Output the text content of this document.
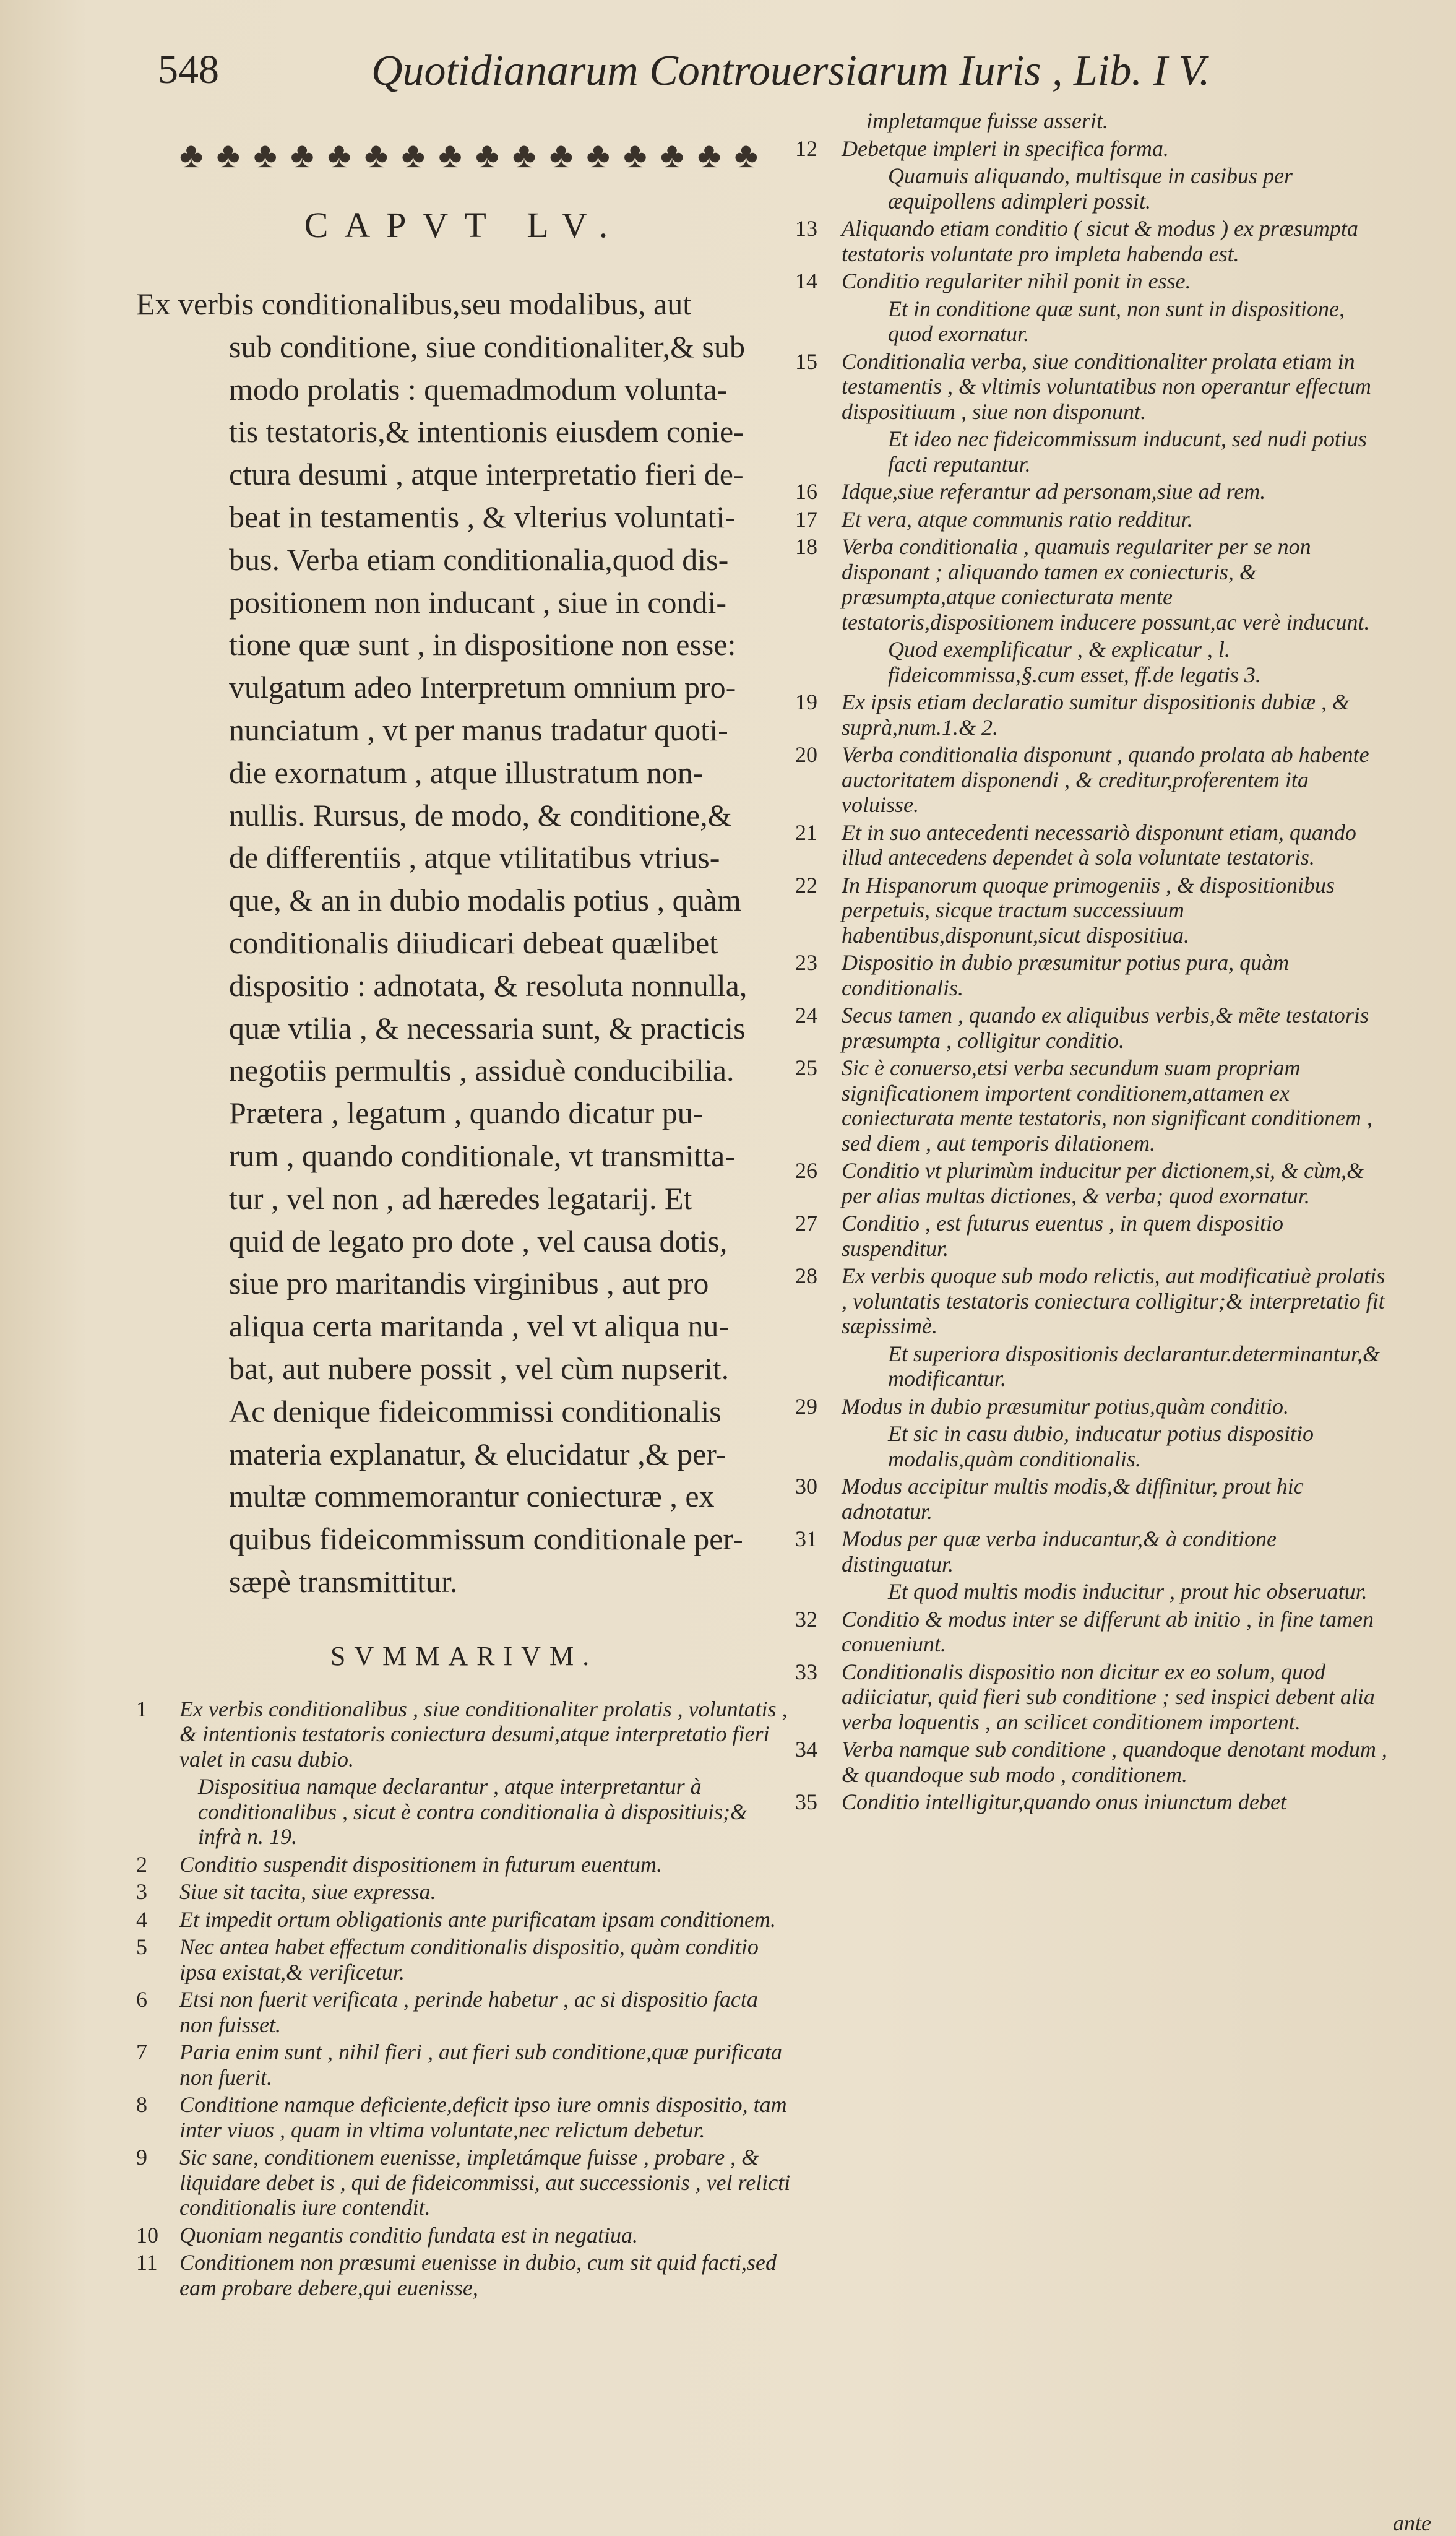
548	Quotidianarum Controuersiarum Iuris , Lib. I V.
♣ ♣ ♣ ♣ ♣ ♣ ♣ ♣ ♣ ♣ ♣ ♣ ♣ ♣ ♣ ♣
CAPVT LV.

Ex verbis conditionalibus,seu modalibus, aut

sub conditione, siue conditionaliter,& sub

modo prolatis : quemadmodum volunta-

tis testatoris,& intentionis eiusdem conie-

ctura desumi , atque interpretatio fieri de-

beat in testamentis , & vlterius voluntati-

bus. Verba etiam conditionalia,quod dis-

positionem non inducant , siue in condi-

tione quæ sunt , in dispositione non esse:

vulgatum adeo Interpretum omnium pro-

nunciatum , vt per manus tradatur quoti-

die exornatum , atque illustratum non-

nullis. Rursus, de modo, & conditione,&

de differentiis , atque vtilitatibus vtrius-

que, & an in dubio modalis potius , quàm

conditionalis diiudicari debeat quælibet

dispositio : adnotata, & resoluta nonnulla,

quæ vtilia , & necessaria sunt, & practicis

negotiis permultis , assiduè conducibilia.

Prætera , legatum , quando dicatur pu-

rum , quando conditionale, vt transmitta-

tur , vel non , ad hæredes legatarij. Et

quid de legato pro dote , vel causa dotis,

siue pro maritandis virginibus , aut pro

aliqua certa maritanda , vel vt aliqua nu-

bat, aut nubere possit , vel cùm nupserit.

Ac denique fideicommissi conditionalis

materia explanatur, & elucidatur ,& per-

multæ commemorantur coniecturæ , ex

quibus fideicommissum conditionale per-

sæpè transmittitur.

SVMMARIVM.
1	Ex verbis conditionalibus , siue conditionaliter prolatis , voluntatis , & intentionis testatoris coniectura desumi,atque interpretatio fieri valet in casu dubio.
Dispositiua namque declarantur , atque interpretantur à conditionalibus , sicut è contra conditionalia à dispositiuis;& infrà n. 19.
2	Conditio suspendit dispositionem in futurum euentum.
3	Siue sit tacita, siue expressa.
4	Et impedit ortum obligationis ante purificatam ipsam conditionem.
5	Nec antea habet effectum conditionalis dispositio, quàm conditio ipsa existat,& verificetur.
6	Etsi non fuerit verificata , perinde habetur , ac si dispositio facta non fuisset.
7	Paria enim sunt , nihil fieri , aut fieri sub conditione,quæ purificata non fuerit.
8	Conditione namque deficiente,deficit ipso iure omnis dispositio, tam inter viuos , quam in vltima voluntate,nec relictum debetur.
9	Sic sane, conditionem euenisse, impletámque fuisse , probare , & liquidare debet is , qui de fideicommissi, aut successionis , vel relicti conditionalis iure contendit.
10 Quoniam negantis conditio fundata est in negatiua.
11 Conditionem non præsumi euenisse in dubio, cum sit quid facti,sed eam probare debere,qui euenisse,
impletamque fuisse asserit.
12	Debetque impleri in specifica forma.
Quamuis aliquando, multisque in casibus per æquipollens adimpleri possit.
13	Aliquando etiam conditio ( sicut & modus ) ex præsumpta testatoris voluntate pro impleta habenda est.
14	Conditio regulariter nihil ponit in esse.
Et in conditione quæ sunt, non sunt in dispositione, quod exornatur.
15	Conditionalia verba, siue conditionaliter prolata etiam in testamentis , & vltimis voluntatibus non operantur effectum dispositiuum , siue non disponunt.
Et ideo nec fideicommissum inducunt, sed nudi potius facti reputantur.
16	Idque,siue referantur ad personam,siue ad rem.
17	Et vera, atque communis ratio redditur.
18	Verba conditionalia , quamuis regulariter per se non disponant ; aliquando tamen ex coniecturis, & præsumpta,atque coniecturata mente testatoris,dispositionem inducere possunt,ac verè inducunt.
Quod exemplificatur , & explicatur , l. fideicommissa,§.cum esset, ff.de legatis 3.
19	Ex ipsis etiam declaratio sumitur dispositionis dubiæ , & suprà,num.1.& 2.
20	Verba conditionalia disponunt , quando prolata ab habente auctoritatem disponendi , & creditur,proferentem ita voluisse.
21	Et in suo antecedenti necessariò disponunt etiam, quando illud antecedens dependet à sola voluntate testatoris.
22	In Hispanorum quoque primogeniis , & dispositionibus perpetuis, sicque tractum successiuum habentibus,disponunt,sicut dispositiua.
23	Dispositio in dubio præsumitur potius pura, quàm conditionalis.
24	Secus tamen , quando ex aliquibus verbis,& mẽte testatoris præsumpta , colligitur conditio.
25	Sic è conuerso,etsi verba secundum suam propriam significationem importent conditionem,attamen ex coniecturata mente testatoris, non significant conditionem , sed diem , aut temporis dilationem.
26	Conditio vt plurimùm inducitur per dictionem,si, & cùm,& per alias multas dictiones, & verba; quod exornatur.
27	Conditio , est futurus euentus , in quem dispositio suspenditur.
28	Ex verbis quoque sub modo relictis, aut modificatiuè prolatis , voluntatis testatoris coniectura colligitur;& interpretatio fit sæpissimè.
Et superiora dispositionis declarantur.determinantur,& modificantur.
29	Modus in dubio præsumitur potius,quàm conditio.
Et sic in casu dubio, inducatur potius dispositio modalis,quàm conditionalis.
30	Modus accipitur multis modis,& diffinitur, prout hic adnotatur.
31	Modus per quæ verba inducantur,& à conditione distinguatur.
Et quod multis modis inducitur , prout hic obseruatur.
32	Conditio & modus inter se differunt ab initio , in fine tamen conueniunt.
33	Conditionalis dispositio non dicitur ex eo solum, quod adiiciatur, quid fieri sub conditione ; sed inspici debent alia verba loquentis , an scilicet conditionem importent.
34	Verba namque sub conditione , quandoque denotant modum , & quandoque sub modo , conditionem.
35	Conditio intelligitur,quando onus iniunctum debet
ante
